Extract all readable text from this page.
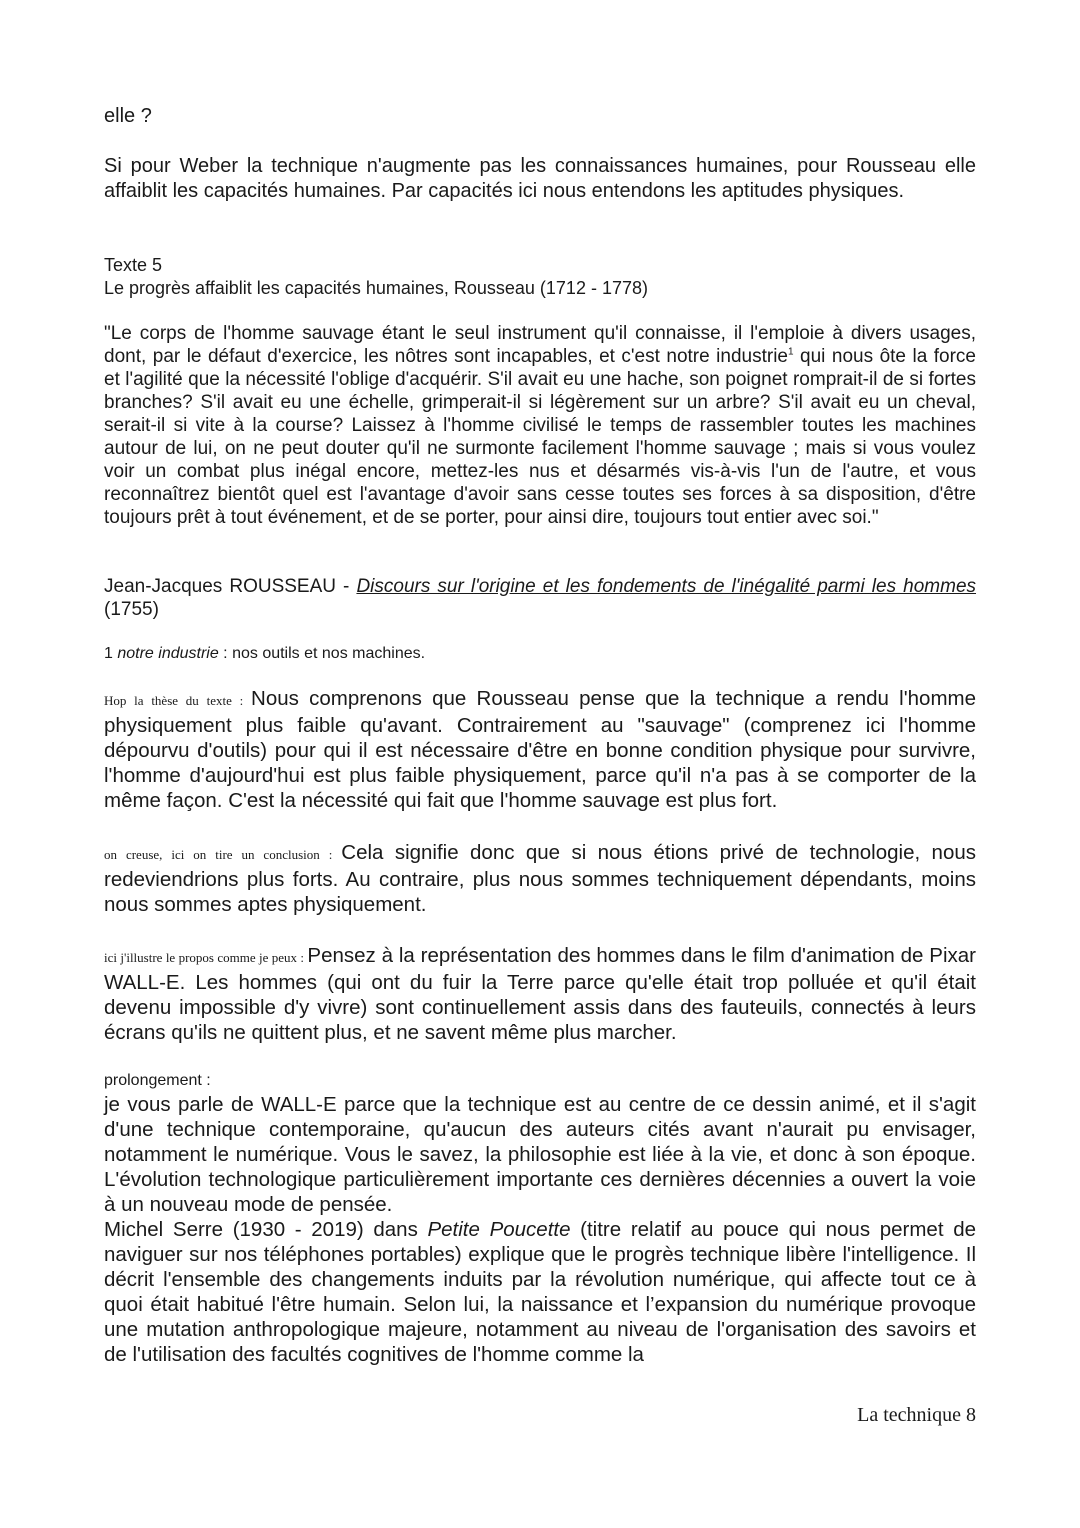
elle ?
Si pour Weber la technique n'augmente pas les connaissances humaines, pour Rousseau elle affaiblit les capacités humaines. Par capacités ici nous entendons les aptitudes physiques.
Texte 5
Le progrès affaiblit les capacités humaines, Rousseau (1712 - 1778)
"Le corps de l'homme sauvage étant le seul instrument qu'il connaisse, il l'emploie à divers usages, dont, par le défaut d'exercice, les nôtres sont incapables, et c'est notre industrie$^1$ qui nous ôte la force et l'agilité que la nécessité l'oblige d'acquérir. S'il avait eu une hache, son poignet romprait-il de si fortes branches? S'il avait eu une échelle, grimperait-il si légèrement sur un arbre? S'il avait eu un cheval, serait-il si vite à la course? Laissez à l'homme civilisé le temps de rassembler toutes les machines autour de lui, on ne peut douter qu'il ne surmonte facilement l'homme sauvage ; mais si vous voulez voir un combat plus inégal encore, mettez-les nus et désarmés vis-à-vis l'un de l'autre, et vous reconnaîtrez bientôt quel est l'avantage d'avoir sans cesse toutes ses forces à sa disposition, d'être toujours prêt à tout événement, et de se porter, pour ainsi dire, toujours tout entier avec soi."
Jean-Jacques ROUSSEAU - Discours sur l'origine et les fondements de l'inégalité parmi les hommes (1755)
1 notre industrie : nos outils et nos machines.
Hop la thèse du texte : Nous comprenons que Rousseau pense que la technique a rendu l'homme physiquement plus faible qu'avant. Contrairement au "sauvage" (comprenez ici l'homme dépourvu d'outils) pour qui il est nécessaire d'être en bonne condition physique pour survivre, l'homme d'aujourd'hui est plus faible physiquement, parce qu'il n'a pas à se comporter de la même façon. C'est la nécessité qui fait que l'homme sauvage est plus fort.
on creuse, ici on tire un conclusion : Cela signifie donc que si nous étions privé de technologie, nous redeviendrions plus forts. Au contraire, plus nous sommes techniquement dépendants, moins nous sommes aptes physiquement.
ici j'illustre le propos comme je peux : Pensez à la représentation des hommes dans le film d'animation de Pixar WALL-E. Les hommes (qui ont du fuir la Terre parce qu'elle était trop polluée et qu'il était devenu impossible d'y vivre) sont continuellement assis dans des fauteuils, connectés à leurs écrans qu'ils ne quittent plus, et ne savent même plus marcher.
prolongement :
je vous parle de WALL-E parce que la technique est au centre de ce dessin animé, et il s'agit d'une technique contemporaine, qu'aucun des auteurs cités avant n'aurait pu envisager, notamment le numérique. Vous le savez, la philosophie est liée à la vie, et donc à son époque. L'évolution technologique particulièrement importante ces dernières décennies a ouvert la voie à un nouveau mode de pensée.
Michel Serre (1930 - 2019) dans Petite Poucette (titre relatif au pouce qui nous permet de naviguer sur nos téléphones portables) explique que le progrès technique libère l'intelligence. Il décrit l'ensemble des changements induits par la révolution numérique, qui affecte tout ce à quoi était habitué l'être humain. Selon lui, la naissance et l’expansion du numérique provoque une mutation anthropologique majeure, notamment au niveau de l'organisation des savoirs et de l'utilisation des facultés cognitives de l'homme comme la
La technique 8
